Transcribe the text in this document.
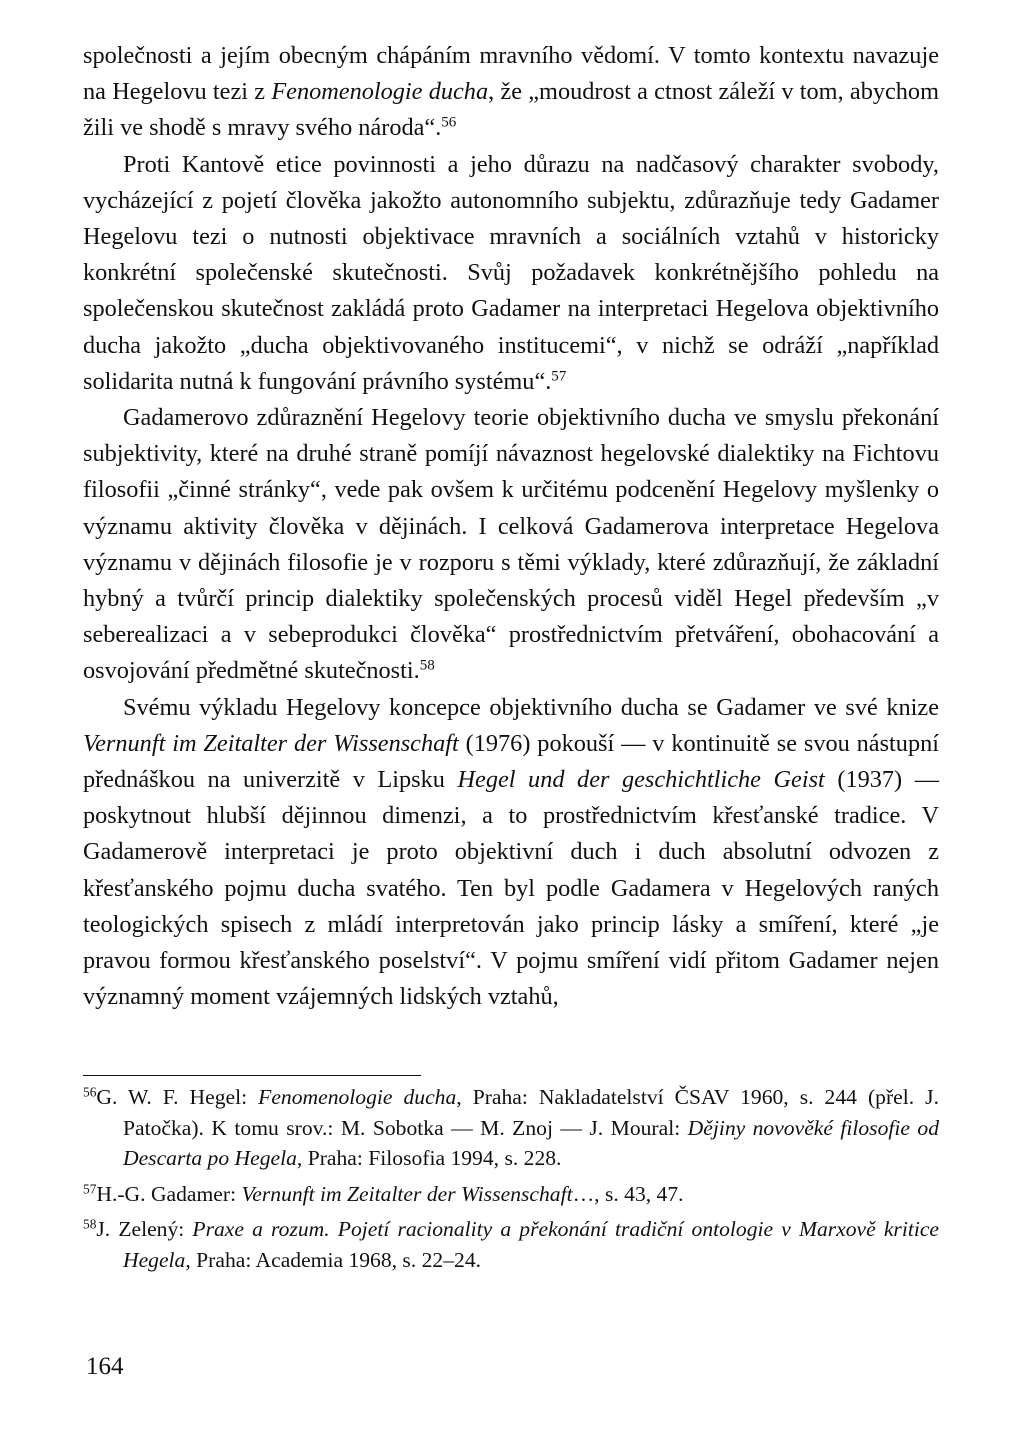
společnosti a jejím obecným chápáním mravního vědomí. V tomto kontextu navazuje na Hegelovu tezi z Fenomenologie ducha, že „moudrost a ctnost záleží v tom, abychom žili ve shodě s mravy svého národa“.$^{56}$

Proti Kantově etice povinnosti a jeho důrazu na nadčasový charakter svobody, vycházející z pojetí člověka jakožto autonomního subjektu, zdůrazňuje tedy Gadamer Hegelovu tezi o nutnosti objektivace mravních a sociálních vztahů v historicky konkrétní společenské skutečnosti. Svůj požadavek konkrétnějšího pohledu na společenskou skutečnost zakládá proto Gadamer na interpretaci Hegelova objektivního ducha jakožto „ducha objektivovaného institucemi“, v nichž se odráží „například solidarita nutná k fungování právního systému“.$^{57}$

Gadamerovo zdůraznění Hegelovy teorie objektivního ducha ve smyslu překonání subjektivity, které na druhé straně pomíjí návaznost hegelovské dialektiky na Fichtovu filosofii „činné stránky“, vede pak ovšem k určitému podcenění Hegelovy myšlenky o významu aktivity člověka v dějinách. I celková Gadamerova interpretace Hegelova významu v dějinách filosofie je v rozporu s těmi výklady, které zdůrazňují, že základní hybný a tvůrčí princip dialektiky společenských procesů viděl Hegel především „v seberealizaci a v sebeprodukci člověka“ prostřednictvím přetváření, obohacování a osvojování předmětné skutečnosti.$^{58}$

Svému výkladu Hegelovy koncepce objektivního ducha se Gadamer ve své knize Vernunft im Zeitalter der Wissenschaft (1976) pokouší — v kontinuitě se svou nástupní přednáškou na univerzitě v Lipsku Hegel und der geschichtliche Geist (1937) — poskytnout hlubší dějinnou dimenzi, a to prostřednictvím křesťanské tradice. V Gadamerově interpretaci je proto objektivní duch i duch absolutní odvozen z křesťanského pojmu ducha svatého. Ten byl podle Gadamera v Hegelových raných teologických spisech z mládí interpretován jako princip lásky a smíření, které „je pravou formou křesťanského poselství“. V pojmu smíření vidí přitom Gadamer nejen významný moment vzájemných lidských vztahů,

$^{56}$G. W. F. Hegel: Fenomenologie ducha, Praha: Nakladatelství ČSAV 1960, s. 244 (přel. J. Patočka). K tomu srov.: M. Sobotka — M. Znoj — J. Moural: Dějiny novověké filosofie od Descarta po Hegela, Praha: Filosofia 1994, s. 228.

$^{57}$H.-G. Gadamer: Vernunft im Zeitalter der Wissenschaft…, s. 43, 47.

$^{58}$J. Zelený: Praxe a rozum. Pojetí racionality a překonání tradiční ontologie v Marxově kritice Hegela, Praha: Academia 1968, s. 22–24.

164
